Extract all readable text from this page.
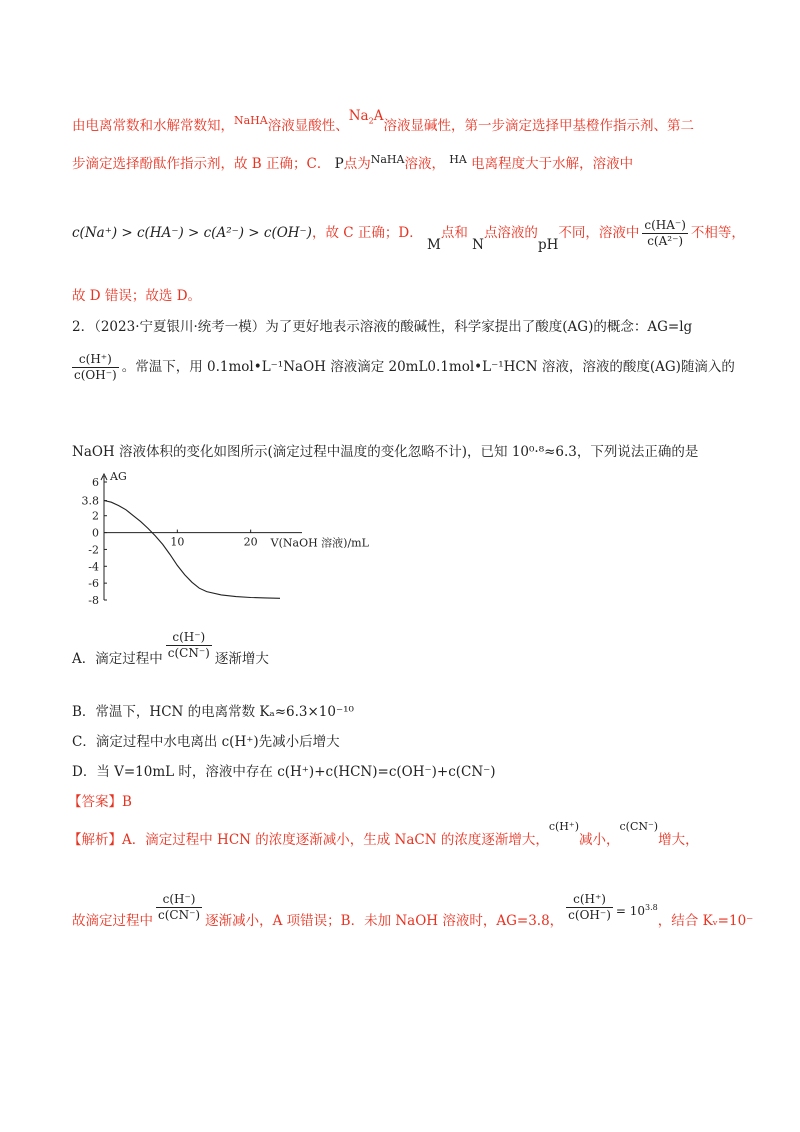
由电离常数和水解常数知，$^{NaHA}$溶液显酸性、$Na_2A$溶液显碱性，第一步滴定选择甲基橙作指示剂、第二
步滴定选择酚酞作指示剂，故 B 正确；C． P点为$^{NaHA}$溶液， $^{HA}$ 电离程度大于水解，溶液中
c(Na⁺) > c(HA⁻) > c(A²⁻) > c(OH⁻)，故 C 正确；D． M点和 N点溶液的pH不同，溶液中 $\frac{c(HA^-)}{\text{c(A²⁻)}}$ 不相等，
故 D 错误；故选 D。
2．（2023·宁夏银川·统考一模）为了更好地表示溶液的酸碱性，科学家提出了酸度(AG)的概念：AG=lg
$\frac{c(H^+)}{c(OH^-)}$ 。常温下，用 0.1mol•L⁻¹NaOH 溶液滴定 20mL0.1mol•L⁻¹HCN 溶液，溶液的酸度(AG)随滴入的
NaOH 溶液体积的变化如图所示(滴定过程中温度的变化忽略不计)，已知 10⁰·⁸≈6.3，下列说法正确的是
6
3.8
2
0
-2
-4
-6
-8
10	20
AG
V(NaOH 溶液)/mL
A．滴定过程中 $\frac{c(H^-)}{c(CN^-)}$ 逐渐增大
B．常温下，HCN 的电离常数 Kₐ≈6.3×10⁻¹⁰
C．滴定过程中水电离出 c(H⁺)先减小后增大
D．当 V=10mL 时，溶液中存在 c(H⁺)+c(HCN)=c(OH⁻)+c(CN⁻)
【答案】B
【解析】A．滴定过程中 HCN 的浓度逐渐减小，生成 NaCN 的浓度逐渐增大，$^{c(H^+)}$减小，$^{c(CN^-)}$增大，
故滴定过程中 $\frac{c(H^-)}{c(CN^-)}$ 逐渐减小，A 项错误；B．未加 NaOH 溶液时，AG=3.8， $\frac{c(H^+)}{c(OH^-)} = 10^{3.8}$，结合 Kᵥ=10⁻
